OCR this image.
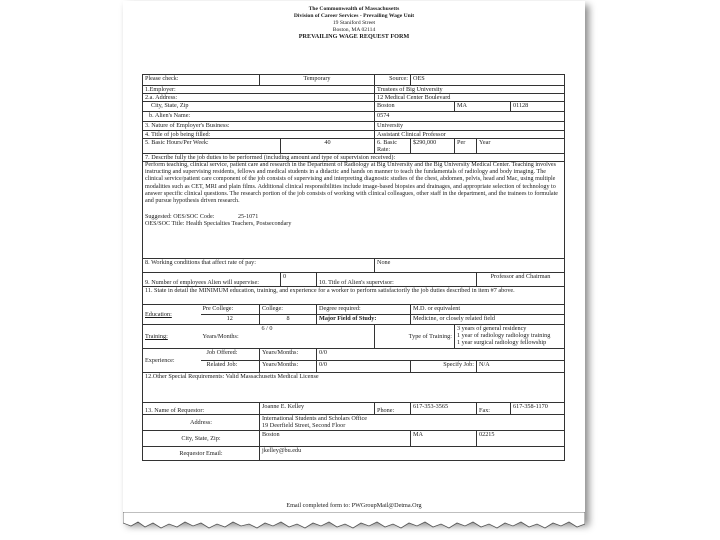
The Commonwealth of Massachusetts
Division of Career Services - Prevailing Wage Unit
19 Staniford Street
Boston, MA 02114
PREVAILING WAGE REQUEST FORM
Please check:		Temporary			Source:	OES			
1.Employer:					Trustees of Big University				
2.a. Address:					12 Medical Center Boulevard				
City, State, Zip					Boston		MA		01128
b. Alien's Name:					0574				
3. Nature of Employer's Business:					University				
4. Title of job being filled:					Assistant Clinical Professor				
5. Basic Hours/Per Week:			40		6. Basic Rate:	$290,000	Per	Year	
7. Describe fully the job duties to be performed (including amount and type of supervision received):									

Perform teaching, clinical service, patient care and research in the Department of Radiology at Big University and the Big University Medical Center. Teaching involves instructing and supervising residents, fellows and medical students in a didactic and hands on manner to teach the fundamentals of radiology and body imaging. The clinical service/patient care component of the job consists of supervising and interpreting diagnostic studies of the chest, abdomen, pelvis, head and Mac, using multiple modalities such as CET, MRI and plain films. Additional clinical responsibilities include image-based biopsies and drainages, and appropriate selection of technology to answer specific clinical questions. The research portion of the job consists of working with clinical colleagues, other staff in the department, and the trainees to formulate and pursue hypothesis driven research.
Suggested: OES/SOC Code: 25-1071
OES/SOC Title: Health Specialties Teachers, Postsecondary									

8. Working conditions that affect rate of pay:					None				
9. Number of employees Alien will supervise:			0	10. Title of Alien's supervisor:				Professor and Chairman	
11. State in detail the MINIMUM education, training, and experience for a worker to perform satisfactorily the job duties described in item #7 above.									
Education:	Pre College:	College:		Degree required:		M.D. or equivalent			
	12	8		Major Field of Study:		Medicine, or closely related field			
Training:	Years/Months:	6 / 0			Type of Training:		3 years of general residency
1 year of radiology radiology training
1 year surgical radiology fellowship		

Experience:	Job Offered:	Years/Months:		0/0					
	Related Job:	Years/Months:		0/0		Specify Job:		N/A	
12.Other Special Requirements: Valid Massachusetts Medical License									
13. Name of Requestor:		Joanne E. Kelley			Phone:	617-353-3565		Fax:	617-358-1170
Address:		International Students and Scholars Office
19 Deerfield Street, Second Floor							

City, State, Zip:		Boston				MA		02215	
Requestor Email:		jkelley@bu.edu							
Email completed form to: PWGroupMail@Detma.Org
